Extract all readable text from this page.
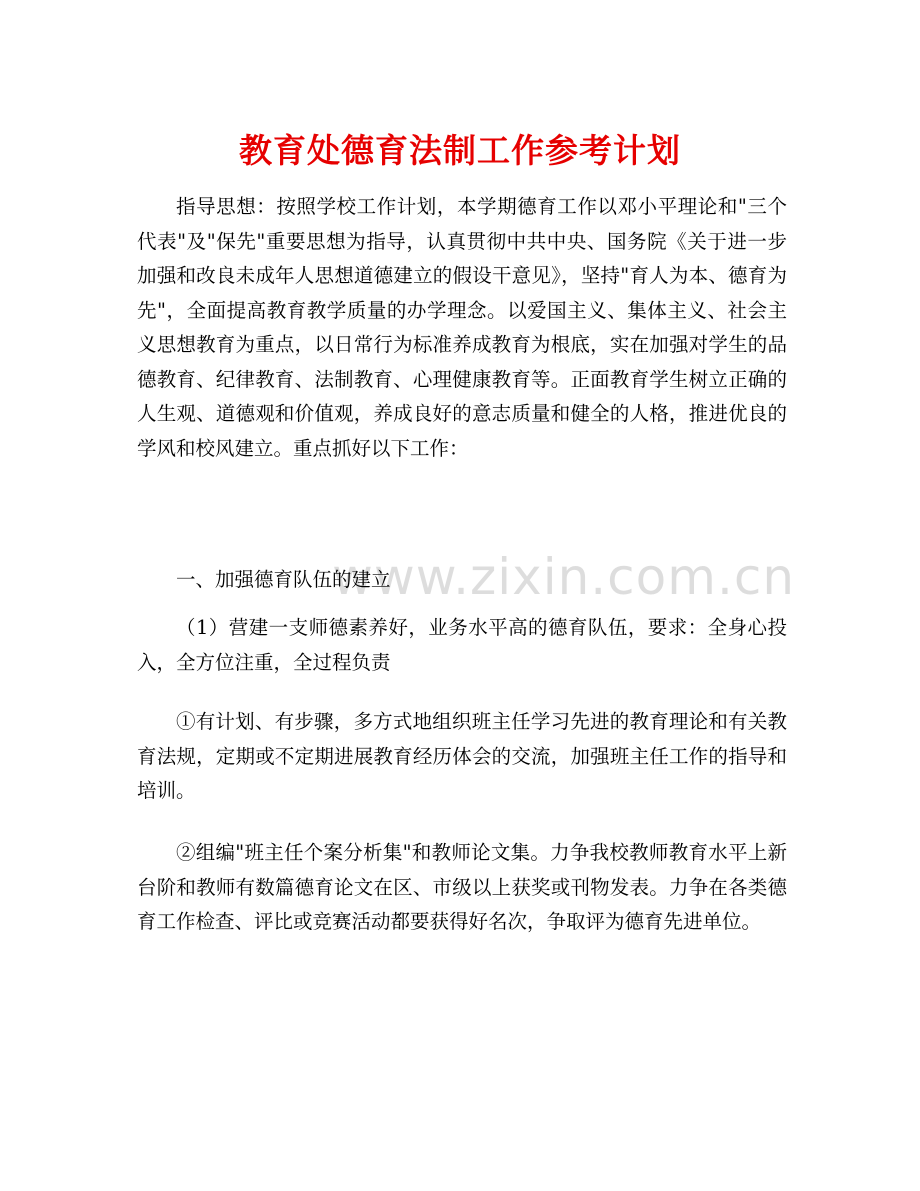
教育处德育法制工作参考计划

指导思想：按照学校工作计划，本学期德育工作以邓小平理论和"三个代表"及"保先"重要思想为指导，认真贯彻中共中央、国务院《关于进一步加强和改良未成年人思想道德建立的假设干意见》，坚持"育人为本、德育为先"，全面提高教育教学质量的办学理念。以爱国主义、集体主义、社会主义思想教育为重点，以日常行为标准养成教育为根底，实在加强对学生的品德教育、纪律教育、法制教育、心理健康教育等。正面教育学生树立正确的人生观、道德观和价值观，养成良好的意志质量和健全的人格，推进优良的学风和校风建立。重点抓好以下工作：

一、加强德育队伍的建立

（1）营建一支师德素养好，业务水平高的德育队伍，要求：全身心投入，全方位注重，全过程负责

①有计划、有步骤，多方式地组织班主任学习先进的教育理论和有关教育法规，定期或不定期进展教育经历体会的交流，加强班主任工作的指导和培训。

②组编"班主任个案分析集"和教师论文集。力争我校教师教育水平上新台阶和教师有数篇德育论文在区、市级以上获奖或刊物发表。力争在各类德育工作检查、评比或竞赛活动都要获得好名次，争取评为德育先进单位。

www.zixin.com.cn
